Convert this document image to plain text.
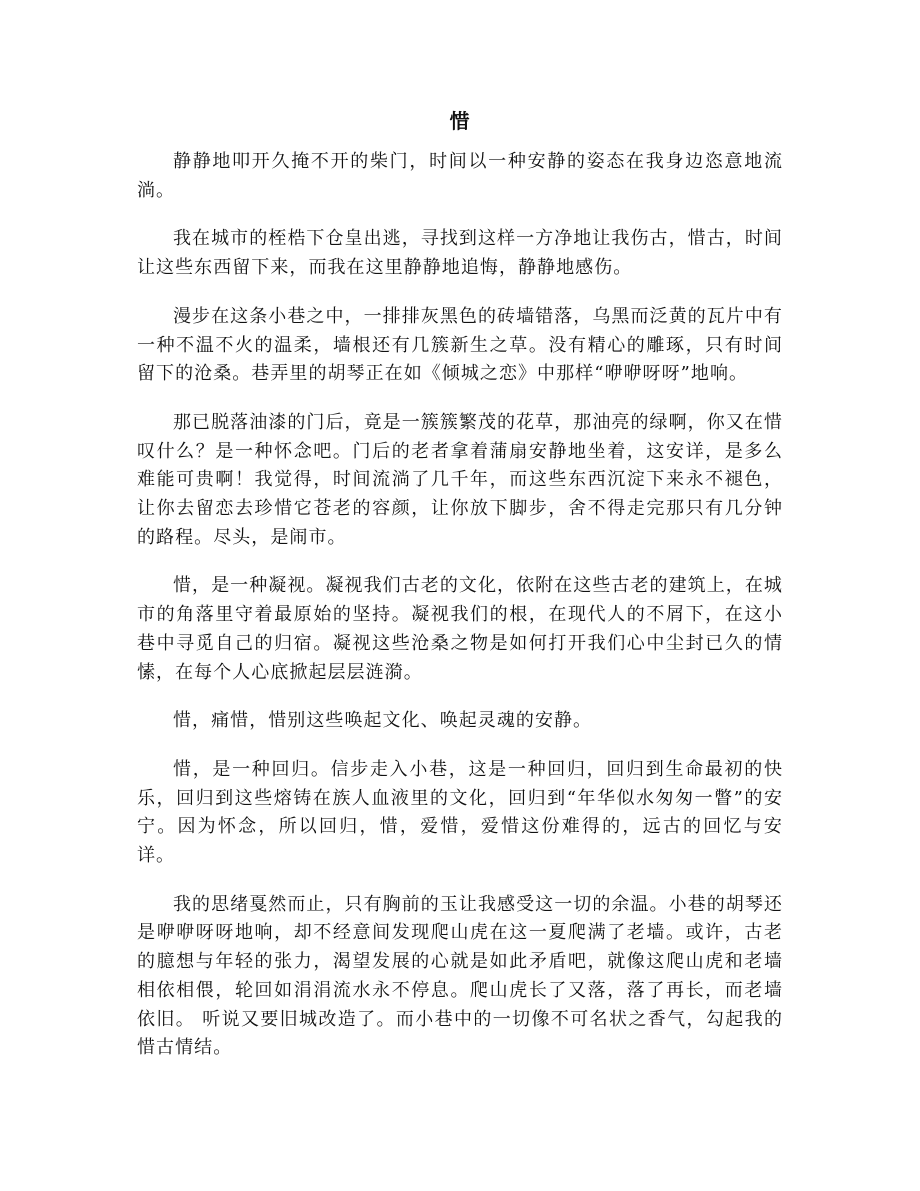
惜

静静地叩开久掩不开的柴门，时间以一种安静的姿态在我身边恣意地流淌。

我在城市的桎梏下仓皇出逃，寻找到这样一方净地让我伤古，惜古，时间让这些东西留下来，而我在这里静静地追悔，静静地感伤。

漫步在这条小巷之中，一排排灰黑色的砖墙错落，乌黑而泛黄的瓦片中有一种不温不火的温柔，墙根还有几簇新生之草。没有精心的雕琢，只有时间留下的沧桑。巷弄里的胡琴正在如《倾城之恋》中那样“咿咿呀呀”地响。

那已脱落油漆的门后，竟是一簇簇繁茂的花草，那油亮的绿啊，你又在惜叹什么？是一种怀念吧。门后的老者拿着蒲扇安静地坐着，这安详，是多么难能可贵啊！我觉得，时间流淌了几千年，而这些东西沉淀下来永不褪色，让你去留恋去珍惜它苍老的容颜，让你放下脚步，舍不得走完那只有几分钟的路程。尽头，是闹市。

惜，是一种凝视。凝视我们古老的文化，依附在这些古老的建筑上，在城市的角落里守着最原始的坚持。凝视我们的根，在现代人的不屑下，在这小巷中寻觅自己的归宿。凝视这些沧桑之物是如何打开我们心中尘封已久的情愫，在每个人心底掀起层层涟漪。

惜，痛惜，惜别这些唤起文化、唤起灵魂的安静。

惜，是一种回归。信步走入小巷，这是一种回归，回归到生命最初的快乐，回归到这些熔铸在族人血液里的文化，回归到“年华似水匆匆一瞥”的安宁。因为怀念，所以回归，惜，爱惜，爱惜这份难得的，远古的回忆与安详。

我的思绪戛然而止，只有胸前的玉让我感受这一切的余温。小巷的胡琴还是咿咿呀呀地响，却不经意间发现爬山虎在这一夏爬满了老墙。或许，古老的臆想与年轻的张力，渴望发展的心就是如此矛盾吧，就像这爬山虎和老墙相依相偎，轮回如涓涓流水永不停息。爬山虎长了又落，落了再长，而老墙依旧。 听说又要旧城改造了。而小巷中的一切像不可名状之香气，勾起我的惜古情结。
